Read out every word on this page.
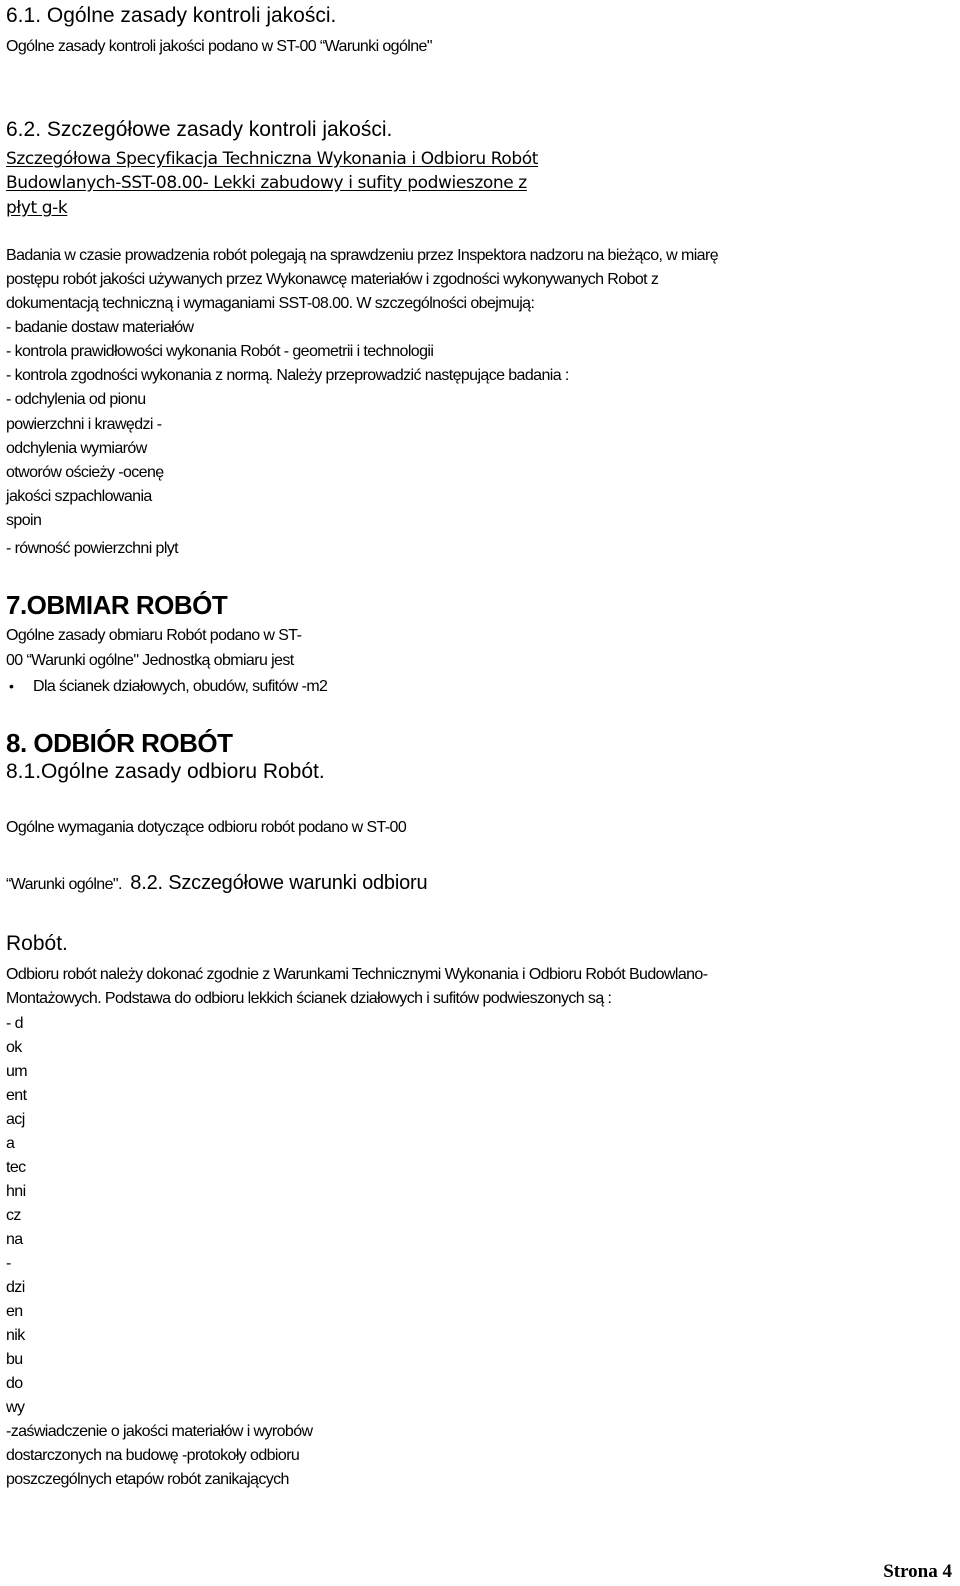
6.1. Ogólne zasady kontroli jakości.
Ogólne zasady kontroli jakości podano w ST-00 “Warunki ogólne"
6.2. Szczegółowe zasady kontroli jakości.
Szczegółowa Specyfikacja Techniczna Wykonania i Odbioru Robót
Budowlanych-SST-08.00- Lekki zabudowy i sufity podwieszone z
płyt g-k
Badania w czasie prowadzenia robót polegają na sprawdzeniu przez Inspektora nadzoru na bieżąco, w miarę
postępu robót jakości używanych przez Wykonawcę materiałów i zgodności wykonywanych Robot z
dokumentacją techniczną i wymaganiami SST-08.00. W szczególności obejmują:
- badanie dostaw materiałów
- kontrola prawidłowości wykonania Robót - geometrii i technologii
- kontrola zgodności wykonania z normą. Należy przeprowadzić następujące badania :
- odchylenia od pionu
powierzchni i krawędzi -
odchylenia wymiarów
otworów ościeży -ocenę
jakości szpachlowania
spoin
- równość powierzchni plyt
7.OBMIAR ROBÓT
Ogólne zasady obmiaru Robót podano w ST-
00 “Warunki ogólne" Jednostką obmiaru jest
• Dla ścianek działowych, obudów, sufitów -m2
8. ODBIÓR ROBÓT
8.1.Ogólne zasady odbioru Robót.
Ogólne wymagania dotyczące odbioru robót podano w ST-00
“Warunki ogólne". 8.2. Szczegółowe warunki odbioru
Robót.
Odbioru robót należy dokonać zgodnie z Warunkami Technicznymi Wykonania i Odbioru Robót Budowlano-
Montażowych. Podstawa do odbioru lekkich ścianek działowych i sufitów podwieszonych są :
- d
ok
um
ent
acj
a
tec
hni
cz
na
-
dzi
en
nik
bu
do
wy
-zaświadczenie o jakości materiałów i wyrobów
dostarczonych na budowę -protokoły odbioru
poszczególnych etapów robót zanikających
Strona 4
